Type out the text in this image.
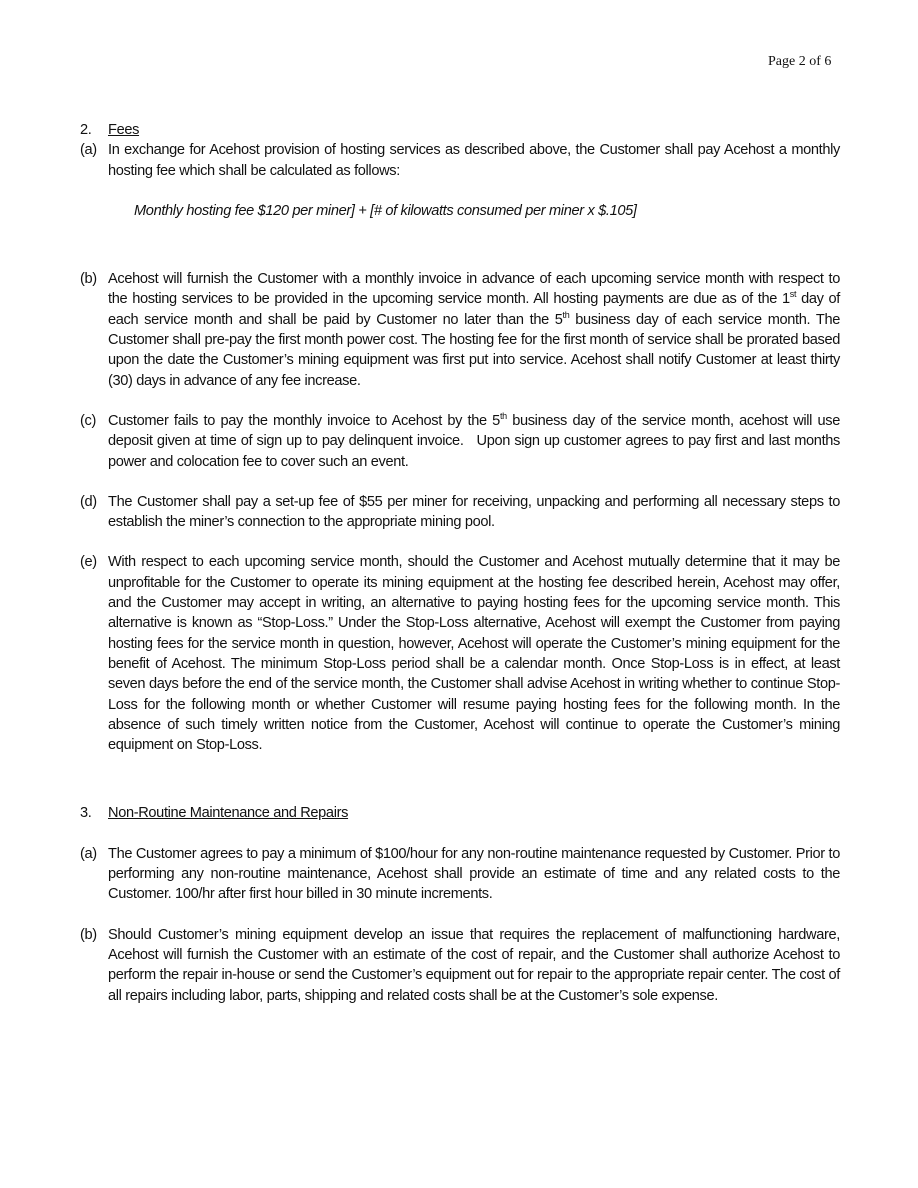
Page 2 of 6
2.	Fees
(a) In exchange for Acehost provision of hosting services as described above, the Customer shall pay Acehost a monthly hosting fee which shall be calculated as follows:
Monthly hosting fee $120 per miner] + [# of kilowatts consumed per miner x $.105]
(b) Acehost will furnish the Customer with a monthly invoice in advance of each upcoming service month with respect to the hosting services to be provided in the upcoming service month. All hosting payments are due as of the 1st day of each service month and shall be paid by Customer no later than the 5th business day of each service month. The Customer shall pre-pay the first month power cost. The hosting fee for the first month of service shall be prorated based upon the date the Customer’s mining equipment was first put into service. Acehost shall notify Customer at least thirty (30) days in advance of any fee increase.
(c) Customer fails to pay the monthly invoice to Acehost by the 5th business day of the service month, acehost will use deposit given at time of sign up to pay delinquent invoice.   Upon sign up customer agrees to pay first and last months power and colocation fee to cover such an event.
(d) The Customer shall pay a set-up fee of $55 per miner for receiving, unpacking and performing all necessary steps to establish the miner’s connection to the appropriate mining pool.
(e) With respect to each upcoming service month, should the Customer and Acehost mutually determine that it may be unprofitable for the Customer to operate its mining equipment at the hosting fee described herein, Acehost may offer, and the Customer may accept in writing, an alternative to paying hosting fees for the upcoming service month. This alternative is known as “Stop-Loss.” Under the Stop-Loss alternative, Acehost will exempt the Customer from paying hosting fees for the service month in question, however, Acehost will operate the Customer’s mining equipment for the benefit of Acehost. The minimum Stop-Loss period shall be a calendar month. Once Stop-Loss is in effect, at least seven days before the end of the service month, the Customer shall advise Acehost in writing whether to continue Stop-Loss for the following month or whether Customer will resume paying hosting fees for the following month. In the absence of such timely written notice from the Customer, Acehost will continue to operate the Customer’s mining equipment on Stop-Loss.
3.	Non-Routine Maintenance and Repairs
(a) The Customer agrees to pay a minimum of $100/hour for any non-routine maintenance requested by Customer. Prior to performing any non-routine maintenance, Acehost shall provide an estimate of time and any related costs to the Customer. 100/hr after first hour billed in 30 minute increments.
(b) Should Customer’s mining equipment develop an issue that requires the replacement of malfunctioning hardware, Acehost will furnish the Customer with an estimate of the cost of repair, and the Customer shall authorize Acehost to perform the repair in-house or send the Customer’s equipment out for repair to the appropriate repair center. The cost of all repairs including labor, parts, shipping and related costs shall be at the Customer’s sole expense.
